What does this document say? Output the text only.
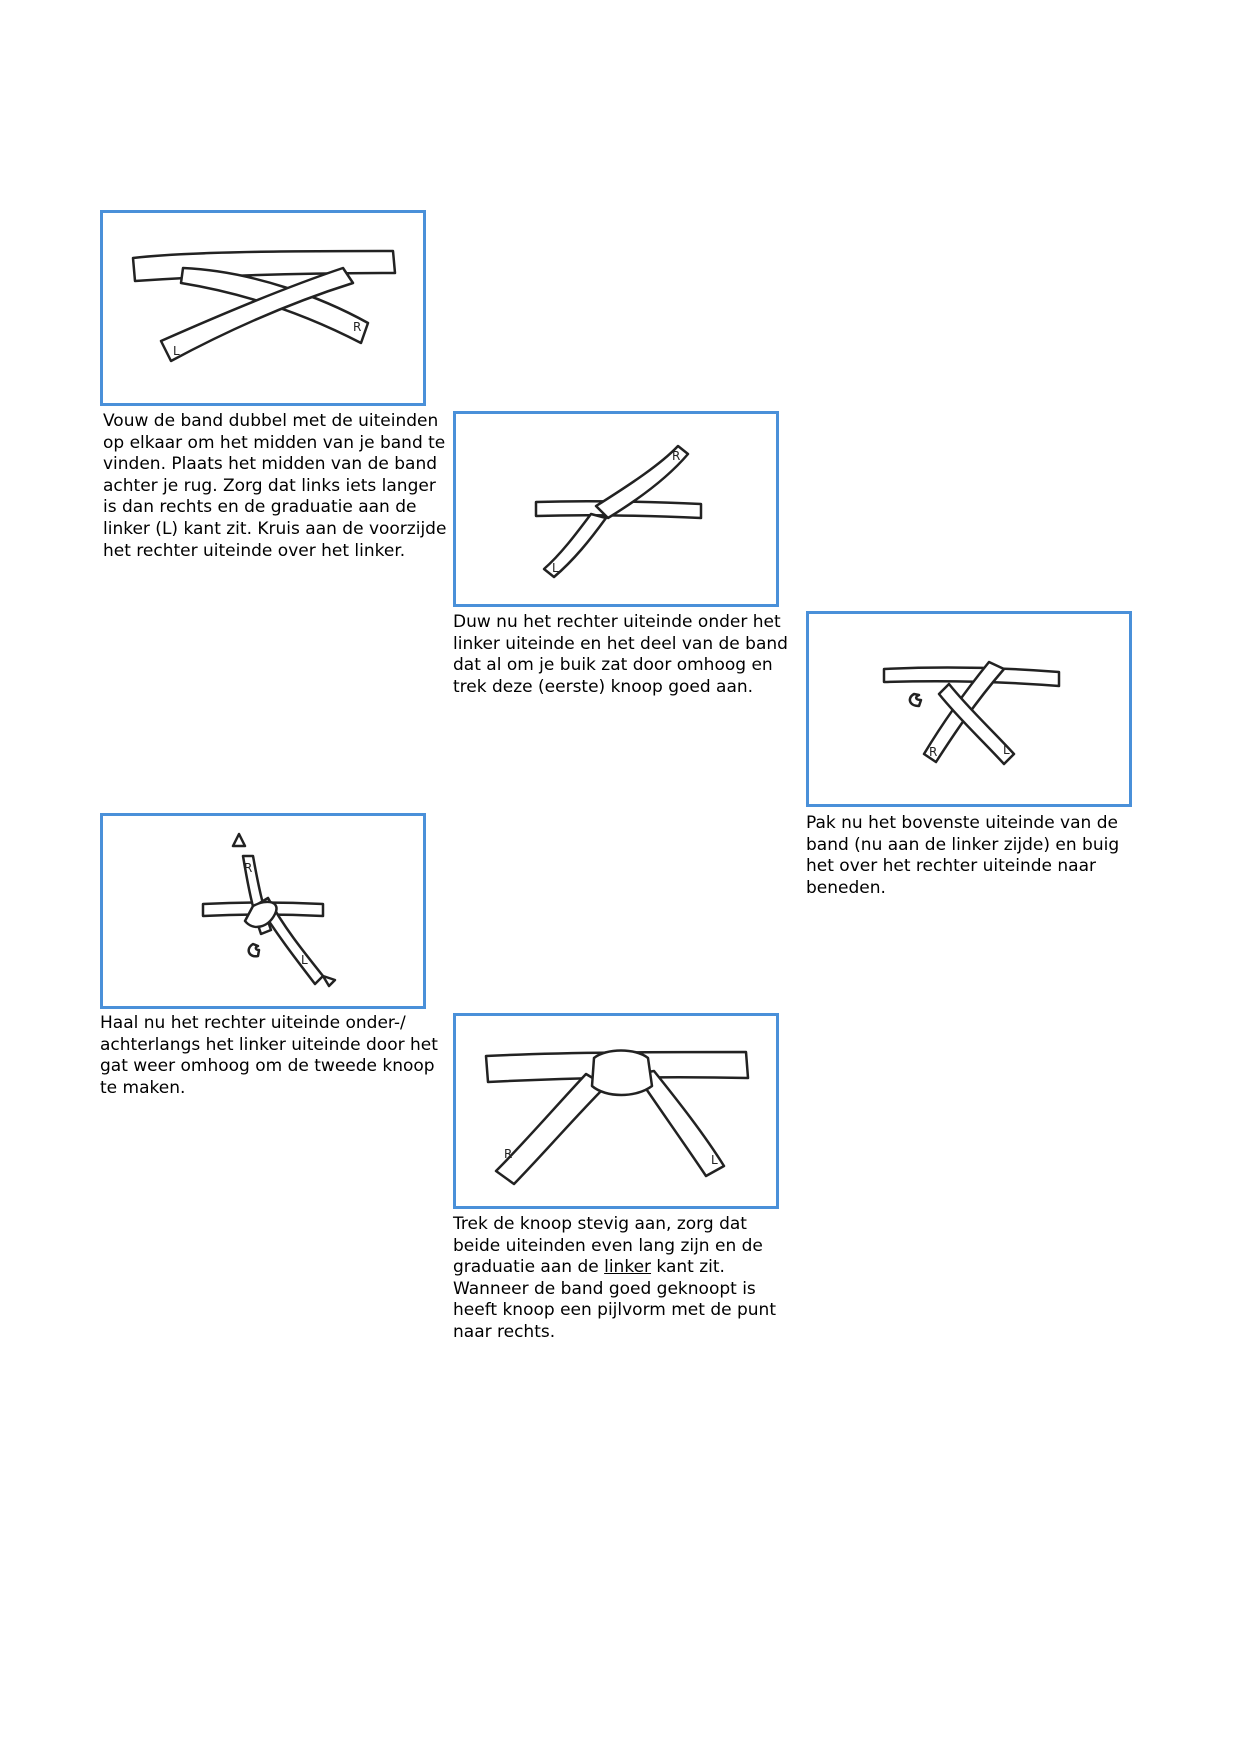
L
R

Vouw de band dubbel met de uiteinden op elkaar om het midden van je band te vinden. Plaats het midden van de band achter je rug. Zorg dat links iets langer is dan rechts en de graduatie aan de linker (L) kant zit. Kruis aan de voorzijde het rechter uiteinde over het linker.

L
R

Duw nu het rechter uiteinde onder het linker uiteinde en het deel van de band dat al om je buik zat door omhoog en trek deze (eerste) knoop goed aan.

R	L

Pak nu het bovenste uiteinde van de band (nu aan de linker zijde) en buig het over het rechter uiteinde naar beneden.

R
L

Haal nu het rechter uiteinde onder-/ achterlangs het linker uiteinde door het gat weer omhoog om de tweede knoop te maken.

R	L

Trek de knoop stevig aan, zorg dat beide uiteinden even lang zijn en de graduatie aan de linker kant zit. Wanneer de band goed geknoopt is heeft knoop een pijlvorm met de punt naar rechts.
